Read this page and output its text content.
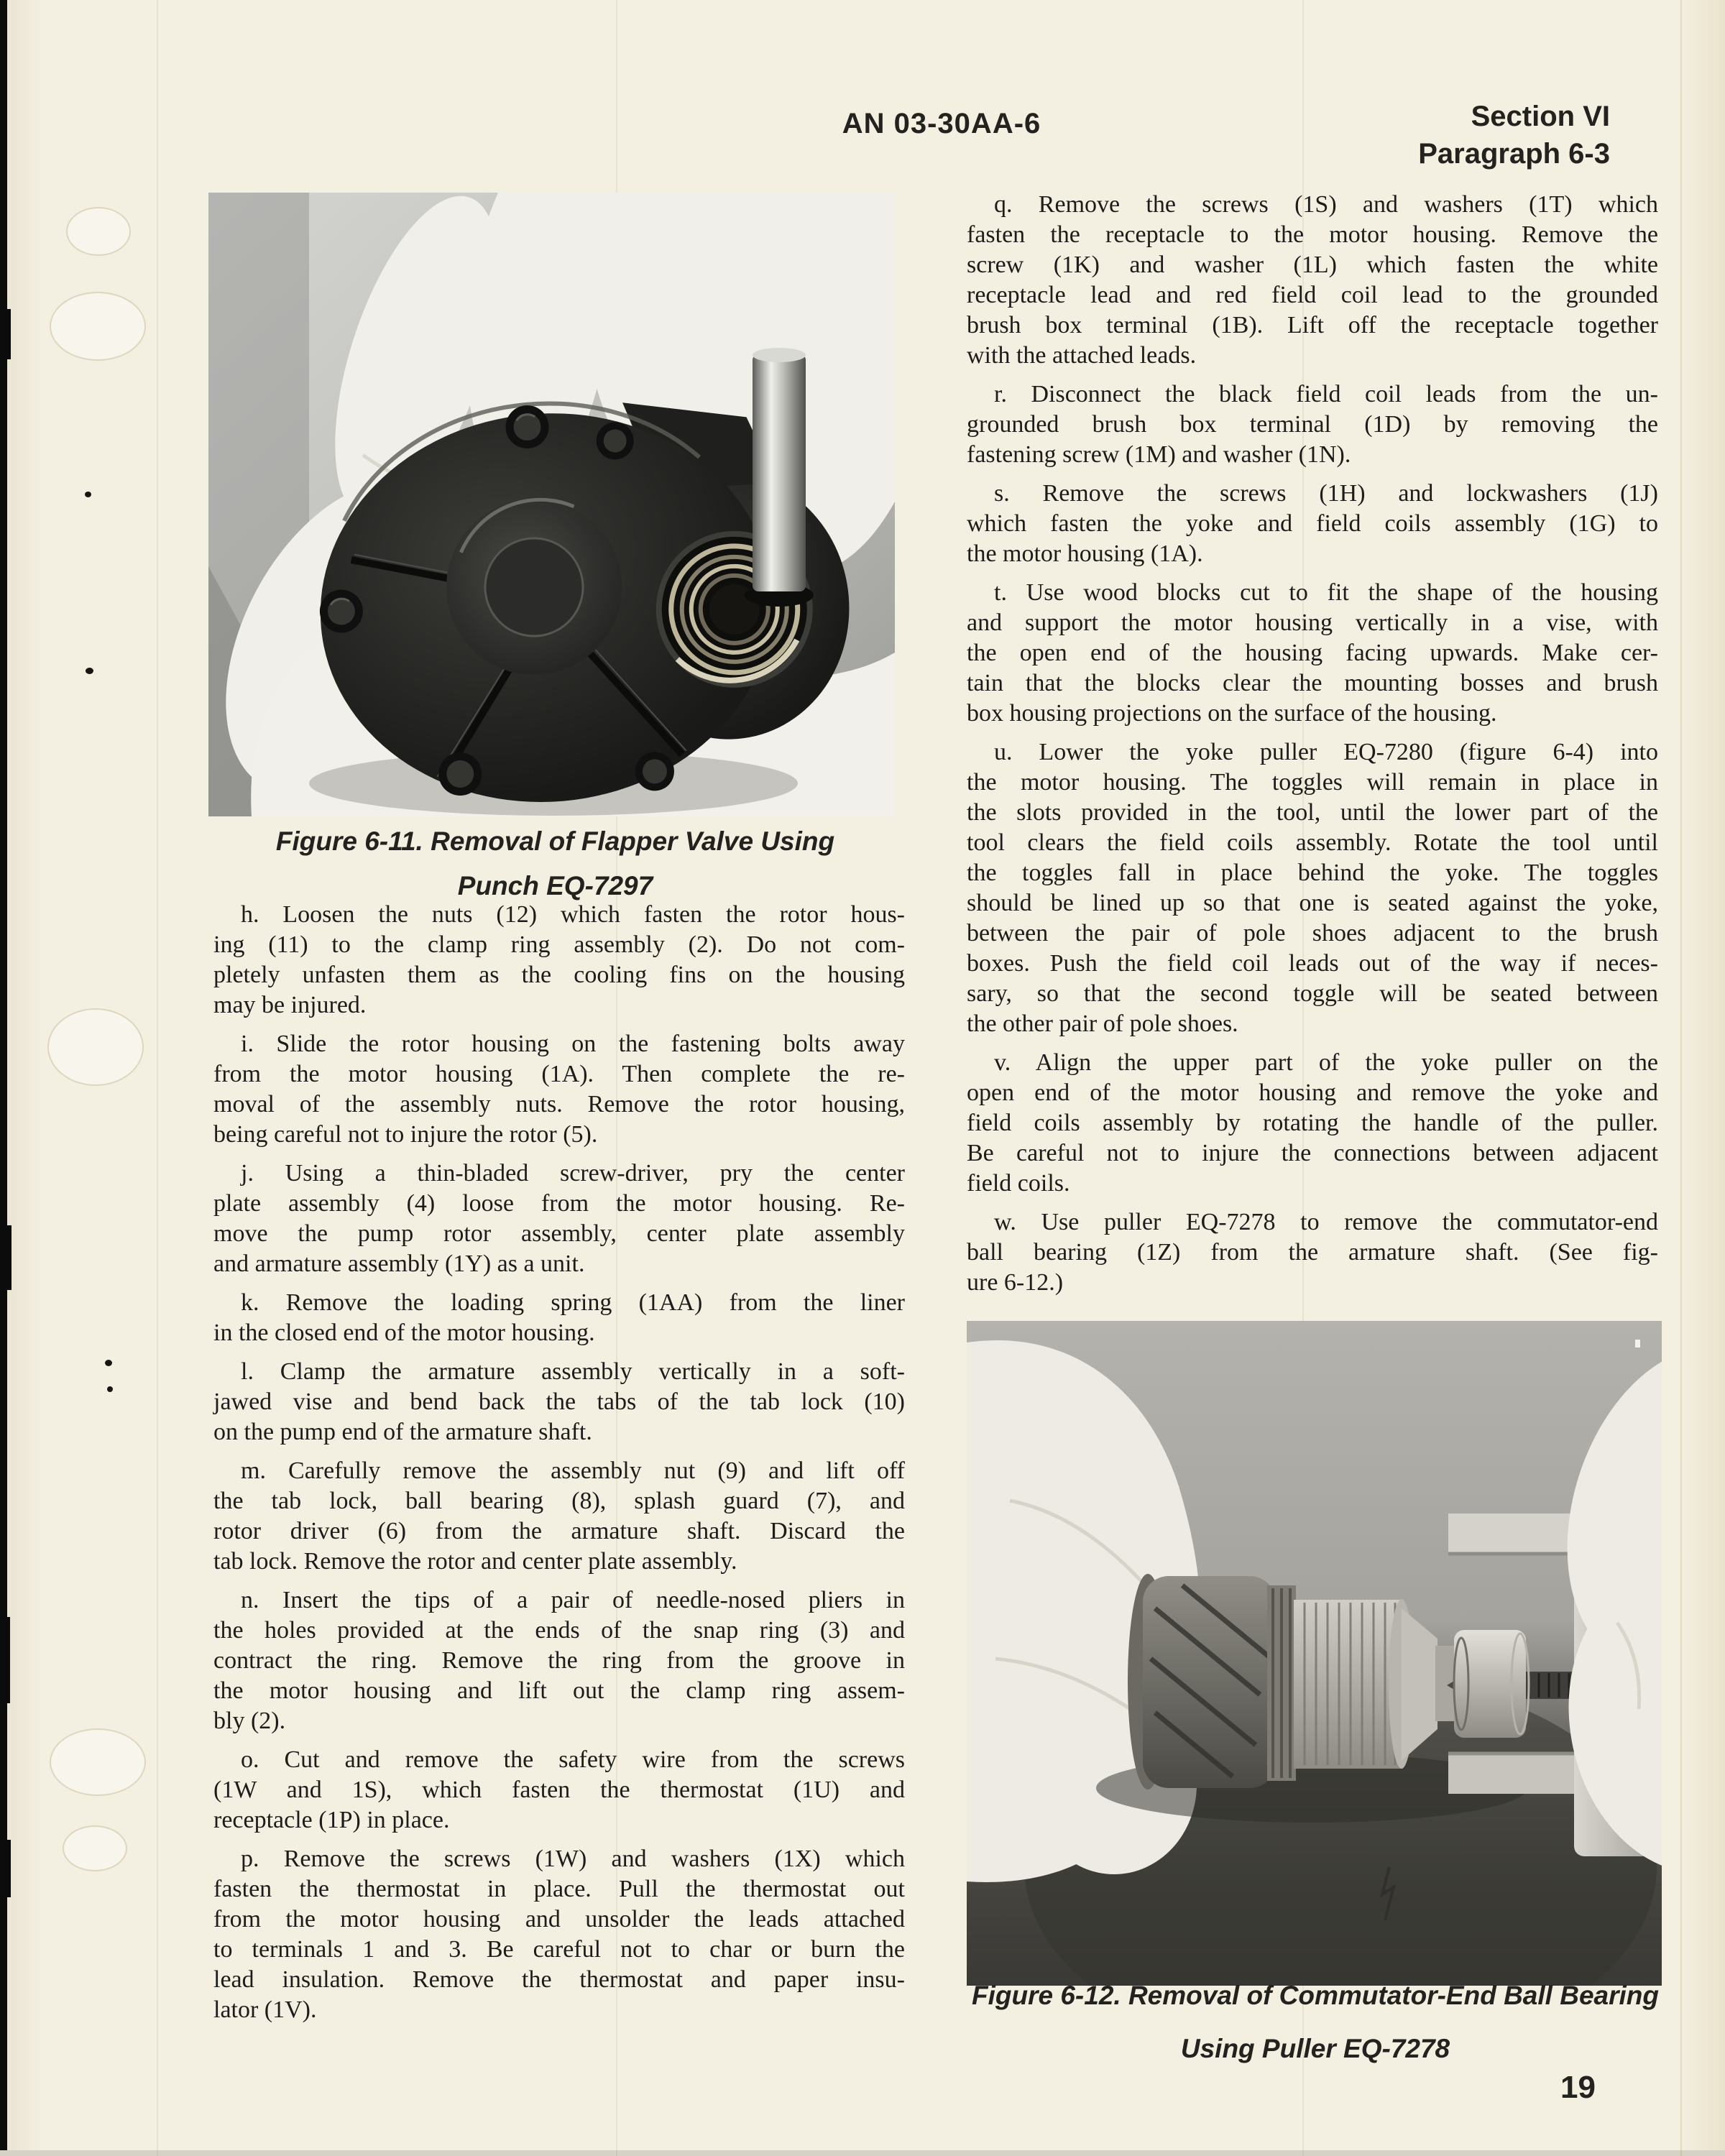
AN 03-30AA-6	Section VI
Paragraph 6-3
Figure 6-11. Removal of Flapper Valve Using
Punch EQ-7297
h. Loosen the nuts (12) which fasten the rotor hous-
ing (11) to the clamp ring assembly (2). Do not com-
pletely unfasten them as the cooling fins on the housing
may be injured.
i. Slide the rotor housing on the fastening bolts away
from the motor housing (1A). Then complete the re-
moval of the assembly nuts. Remove the rotor housing,
being careful not to injure the rotor (5).
j. Using a thin-bladed screw-driver, pry the center
plate assembly (4) loose from the motor housing. Re-
move the pump rotor assembly, center plate assembly
and armature assembly (1Y) as a unit.
k. Remove the loading spring (1AA) from the liner
in the closed end of the motor housing.
l. Clamp the armature assembly vertically in a soft-
jawed vise and bend back the tabs of the tab lock (10)
on the pump end of the armature shaft.
m. Carefully remove the assembly nut (9) and lift off
the tab lock, ball bearing (8), splash guard (7), and
rotor driver (6) from the armature shaft. Discard the
tab lock. Remove the rotor and center plate assembly.
n. Insert the tips of a pair of needle-nosed pliers in
the holes provided at the ends of the snap ring (3) and
contract the ring. Remove the ring from the groove in
the motor housing and lift out the clamp ring assem-
bly (2).
o. Cut and remove the safety wire from the screws
(1W and 1S), which fasten the thermostat (1U) and
receptacle (1P) in place.
p. Remove the screws (1W) and washers (1X) which
fasten the thermostat in place. Pull the thermostat out
from the motor housing and unsolder the leads attached
to terminals 1 and 3. Be careful not to char or burn the
lead insulation. Remove the thermostat and paper insu-
lator (1V).
q. Remove the screws (1S) and washers (1T) which
fasten the receptacle to the motor housing. Remove the
screw (1K) and washer (1L) which fasten the white
receptacle lead and red field coil lead to the grounded
brush box terminal (1B). Lift off the receptacle together
with the attached leads.
r. Disconnect the black field coil leads from the un-
grounded brush box terminal (1D) by removing the
fastening screw (1M) and washer (1N).
s. Remove the screws (1H) and lockwashers (1J)
which fasten the yoke and field coils assembly (1G) to
the motor housing (1A).
t. Use wood blocks cut to fit the shape of the housing
and support the motor housing vertically in a vise, with
the open end of the housing facing upwards. Make cer-
tain that the blocks clear the mounting bosses and brush
box housing projections on the surface of the housing.
u. Lower the yoke puller EQ-7280 (figure 6-4) into
the motor housing. The toggles will remain in place in
the slots provided in the tool, until the lower part of the
tool clears the field coils assembly. Rotate the tool until
the toggles fall in place behind the yoke. The toggles
should be lined up so that one is seated against the yoke,
between the pair of pole shoes adjacent to the brush
boxes. Push the field coil leads out of the way if neces-
sary, so that the second toggle will be seated between
the other pair of pole shoes.
v. Align the upper part of the yoke puller on the
open end of the motor housing and remove the yoke and
field coils assembly by rotating the handle of the puller.
Be careful not to injure the connections between adjacent
field coils.
w. Use puller EQ-7278 to remove the commutator-end
ball bearing (1Z) from the armature shaft. (See fig-
ure 6-12.)
Figure 6-12. Removal of Commutator-End Ball Bearing
Using Puller EQ-7278
19
